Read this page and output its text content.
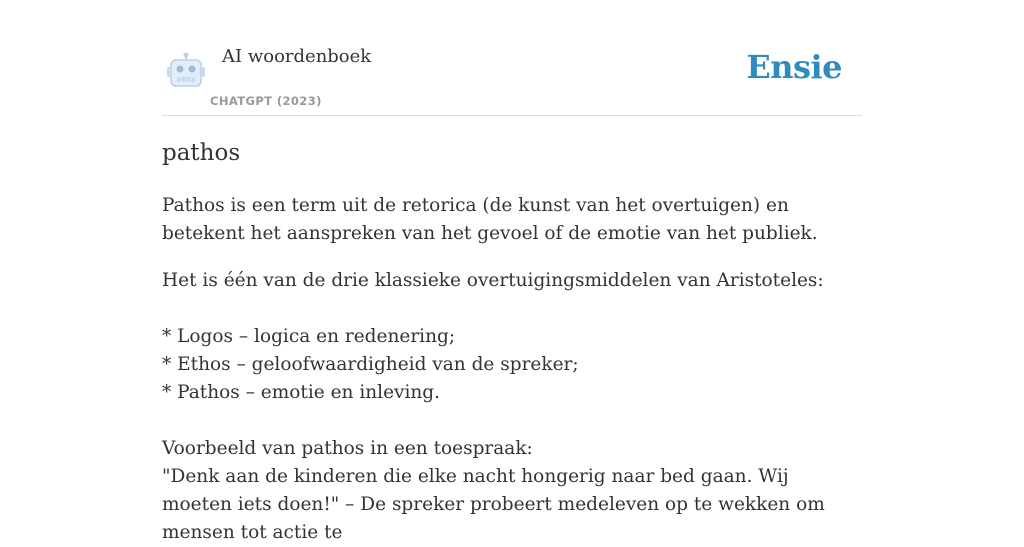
AI woordenboek
CHATGPT (2023)
Ensie
pathos

Pathos is een term uit de retorica (de kunst van het overtuigen) en betekent het aanspreken van het gevoel of de emotie van het publiek.

Het is één van de drie klassieke overtuigingsmiddelen van Aristoteles:
* Logos – logica en redenering;
* Ethos – geloofwaardigheid van de spreker;
* Pathos – emotie en inleving.
Voorbeeld van pathos in een toespraak:
"Denk aan de kinderen die elke nacht hongerig naar bed gaan. Wij moeten iets doen!" – De spreker probeert medeleven op te wekken om mensen tot actie te
